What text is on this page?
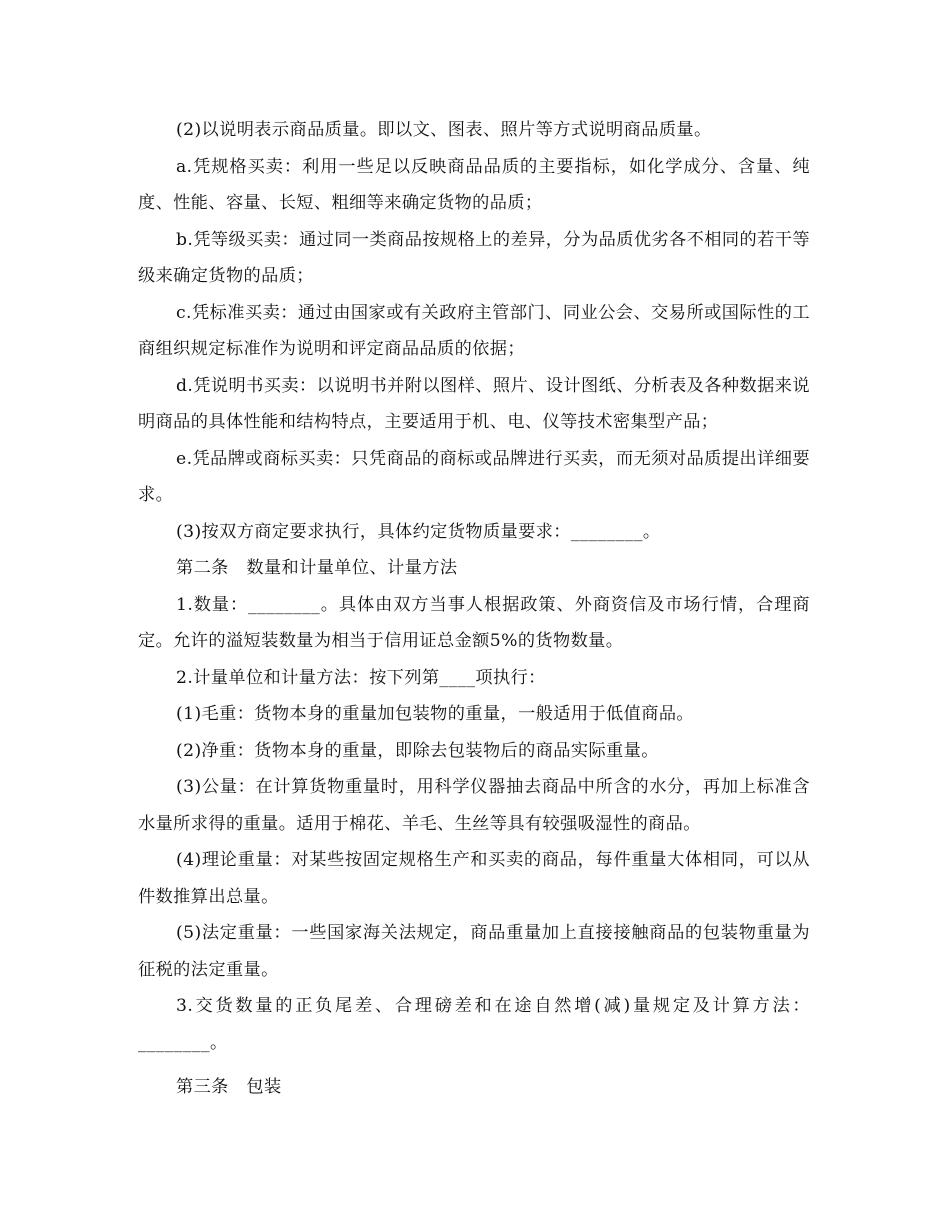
(2)以说明表示商品质量。即以文、图表、照片等方式说明商品质量。

a.凭规格买卖：利用一些足以反映商品品质的主要指标，如化学成分、含量、纯度、性能、容量、长短、粗细等来确定货物的品质；

b.凭等级买卖：通过同一类商品按规格上的差异，分为品质优劣各不相同的若干等级来确定货物的品质；

c.凭标准买卖：通过由国家或有关政府主管部门、同业公会、交易所或国际性的工商组织规定标准作为说明和评定商品品质的依据；

d.凭说明书买卖：以说明书并附以图样、照片、设计图纸、分析表及各种数据来说明商品的具体性能和结构特点，主要适用于机、电、仪等技术密集型产品；

e.凭品牌或商标买卖：只凭商品的商标或品牌进行买卖，而无须对品质提出详细要求。

(3)按双方商定要求执行，具体约定货物质量要求：________。

第二条　数量和计量单位、计量方法

1.数量：________。具体由双方当事人根据政策、外商资信及市场行情，合理商定。允许的溢短装数量为相当于信用证总金额5%的货物数量。

2.计量单位和计量方法：按下列第____项执行：

(1)毛重：货物本身的重量加包装物的重量，一般适用于低值商品。

(2)净重：货物本身的重量，即除去包装物后的商品实际重量。

(3)公量：在计算货物重量时，用科学仪器抽去商品中所含的水分，再加上标准含水量所求得的重量。适用于棉花、羊毛、生丝等具有较强吸湿性的商品。

(4)理论重量：对某些按固定规格生产和买卖的商品，每件重量大体相同，可以从件数推算出总量。

(5)法定重量：一些国家海关法规定，商品重量加上直接接触商品的包装物重量为征税的法定重量。

3.交货数量的正负尾差、合理磅差和在途自然增(减)量规定及计算方法：________。

第三条　包装
